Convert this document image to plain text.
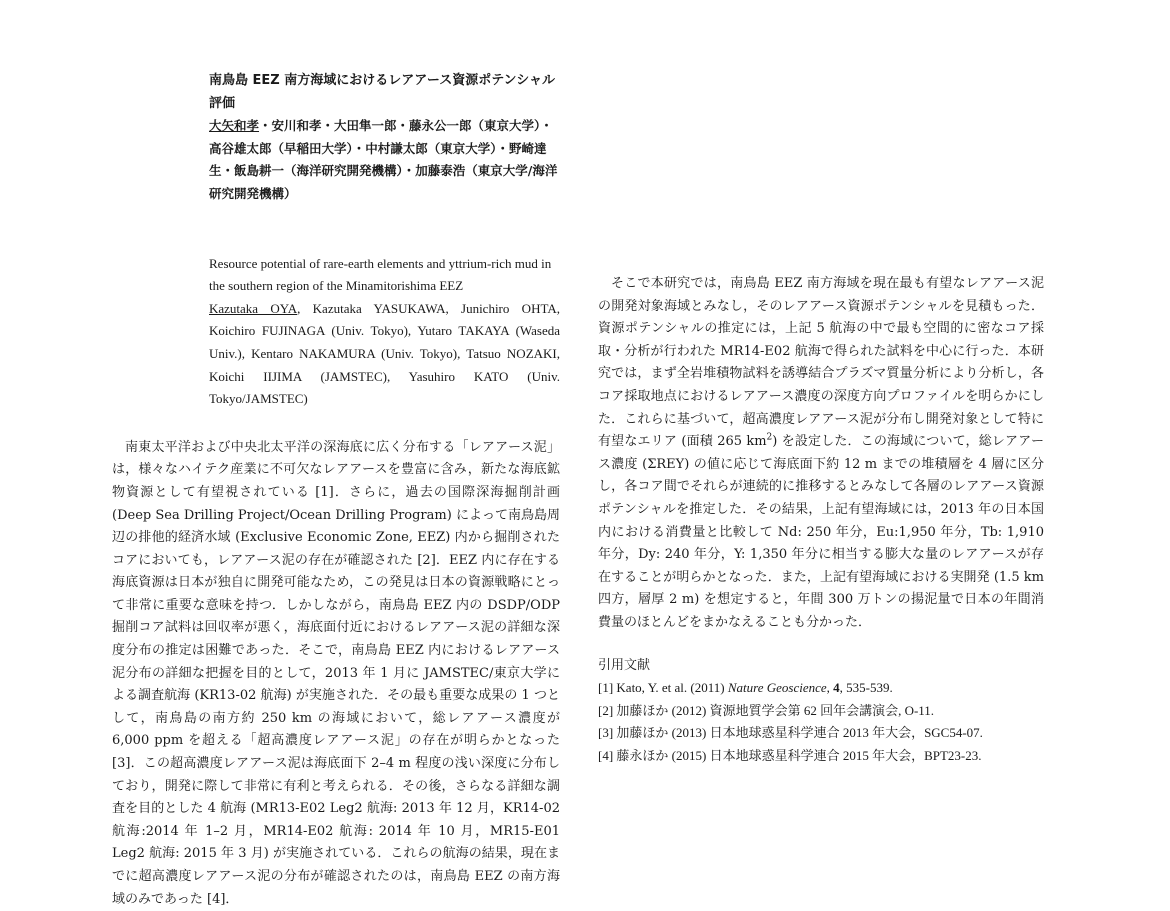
南鳥島 EEZ 南方海域におけるレアアース資源ポテンシャル評価
大矢和孝・安川和孝・大田隼一郎・藤永公一郎（東京大学）・高谷雄太郎（早稲田大学）・中村謙太郎（東京大学）・野崎達生・飯島耕一（海洋研究開発機構）・加藤泰浩（東京大学/海洋研究開発機構）
Resource potential of rare-earth elements and yttrium-rich mud in the southern region of the Minamitorishima EEZ
Kazutaka OYA, Kazutaka YASUKAWA, Junichiro OHTA, Koichiro FUJINAGA (Univ. Tokyo), Yutaro TAKAYA (Waseda Univ.), Kentaro NAKAMURA (Univ. Tokyo), Tatsuo NOZAKI, Koichi IIJIMA (JAMSTEC), Yasuhiro KATO (Univ. Tokyo/JAMSTEC)

南東太平洋および中央北太平洋の深海底に広く分布する「レアアース泥」は，様々なハイテク産業に不可欠なレアアースを豊富に含み，新たな海底鉱物資源として有望視されている [1]．さらに，過去の国際深海掘削計画 (Deep Sea Drilling Project/Ocean Drilling Program) によって南鳥島周辺の排他的経済水域 (Exclusive Economic Zone, EEZ) 内から掘削されたコアにおいても，レアアース泥の存在が確認された [2]．EEZ 内に存在する海底資源は日本が独自に開発可能なため，この発見は日本の資源戦略にとって非常に重要な意味を持つ．しかしながら，南鳥島 EEZ 内の DSDP/ODP 掘削コア試料は回収率が悪く，海底面付近におけるレアアース泥の詳細な深度分布の推定は困難であった．そこで，南鳥島 EEZ 内におけるレアアース泥分布の詳細な把握を目的として，2013 年 1 月に JAMSTEC/東京大学による調査航海 (KR13-02 航海) が実施された．その最も重要な成果の 1 つとして，南鳥島の南方約 250 km の海域において，総レアアース濃度が 6,000 ppm を超える「超高濃度レアアース泥」の存在が明らかとなった [3]．この超高濃度レアアース泥は海底面下 2–4 m 程度の浅い深度に分布しており，開発に際して非常に有利と考えられる．その後，さらなる詳細な調査を目的とした 4 航海 (MR13-E02 Leg2 航海: 2013 年 12 月，KR14-02 航海:2014 年 1–2 月，MR14-E02 航海: 2014 年 10 月，MR15-E01 Leg2 航海: 2015 年 3 月) が実施されている．これらの航海の結果，現在までに超高濃度レアアース泥の分布が確認されたのは，南鳥島 EEZ の南方海域のみであった [4]．

そこで本研究では，南鳥島 EEZ 南方海域を現在最も有望なレアアース泥の開発対象海域とみなし，そのレアアース資源ポテンシャルを見積もった．資源ポテンシャルの推定には，上記 5 航海の中で最も空間的に密なコア採取・分析が行われた MR14-E02 航海で得られた試料を中心に行った．本研究では，まず全岩堆積物試料を誘導結合プラズマ質量分析により分析し，各コア採取地点におけるレアアース濃度の深度方向プロファイルを明らかにした．これらに基づいて，超高濃度レアアース泥が分布し開発対象として特に有望なエリア (面積 265 $km^2$) を設定した．この海域について，総レアアース濃度 (ΣREY) の値に応じて海底面下約 12 m までの堆積層を 4 層に区分し，各コア間でそれらが連続的に推移するとみなして各層のレアアース資源ポテンシャルを推定した．その結果，上記有望海域には，2013 年の日本国内における消費量と比較して Nd: 250 年分，Eu:1,950 年分，Tb: 1,910 年分，Dy: 240 年分，Y: 1,350 年分に相当する膨大な量のレアアースが存在することが明らかとなった．また，上記有望海域における実開発 (1.5 km 四方，層厚 2 m) を想定すると，年間 300 万トンの揚泥量で日本の年間消費量のほとんどをまかなえることも分かった．

引用文献
[1] Kato, Y. et al. (2011) Nature Geoscience, 4, 535-539.
[2] 加藤ほか (2012) 資源地質学会第 62 回年会講演会, O-11.
[3] 加藤ほか (2013) 日本地球惑星科学連合 2013 年大会，SGC54-07.
[4] 藤永ほか (2015) 日本地球惑星科学連合 2015 年大会，BPT23-23.
